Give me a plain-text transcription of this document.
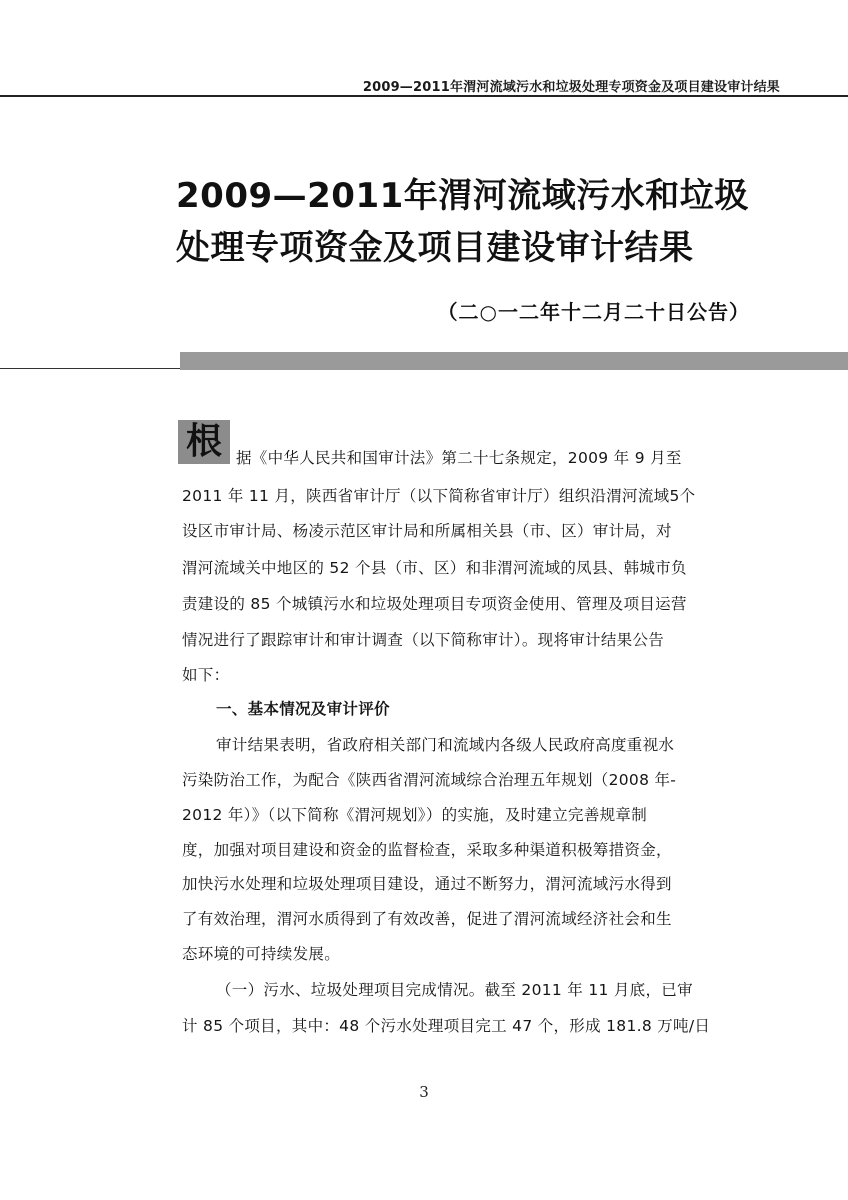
2009—2011年渭河流域污水和垃圾处理专项资金及项目建设审计结果
2009—2011年渭河流域污水和垃圾
处理专项资金及项目建设审计结果
（二○一二年十二月二十日公告）
根 据《中华人民共和国审计法》第二十七条规定，2009 年 9 月至
2011 年 11 月，陕西省审计厅（以下简称省审计厅）组织沿渭河流域5个
设区市审计局、杨凌示范区审计局和所属相关县（市、区）审计局，对
渭河流域关中地区的 52 个县（市、区）和非渭河流域的凤县、韩城市负
责建设的 85 个城镇污水和垃圾处理项目专项资金使用、管理及项目运营
情况进行了跟踪审计和审计调查（以下简称审计）。现将审计结果公告
如下：
一、基本情况及审计评价
审计结果表明，省政府相关部门和流域内各级人民政府高度重视水
污染防治工作，为配合《陕西省渭河流域综合治理五年规划（2008 年-
2012 年）》（以下简称《渭河规划》）的实施，及时建立完善规章制
度，加强对项目建设和资金的监督检查，采取多种渠道积极筹措资金，
加快污水处理和垃圾处理项目建设，通过不断努力，渭河流域污水得到
了有效治理，渭河水质得到了有效改善，促进了渭河流域经济社会和生
态环境的可持续发展。
（一）污水、垃圾处理项目完成情况。截至 2011 年 11 月底，已审
计 85 个项目，其中：48 个污水处理项目完工 47 个，形成 181.8 万吨/日
3
